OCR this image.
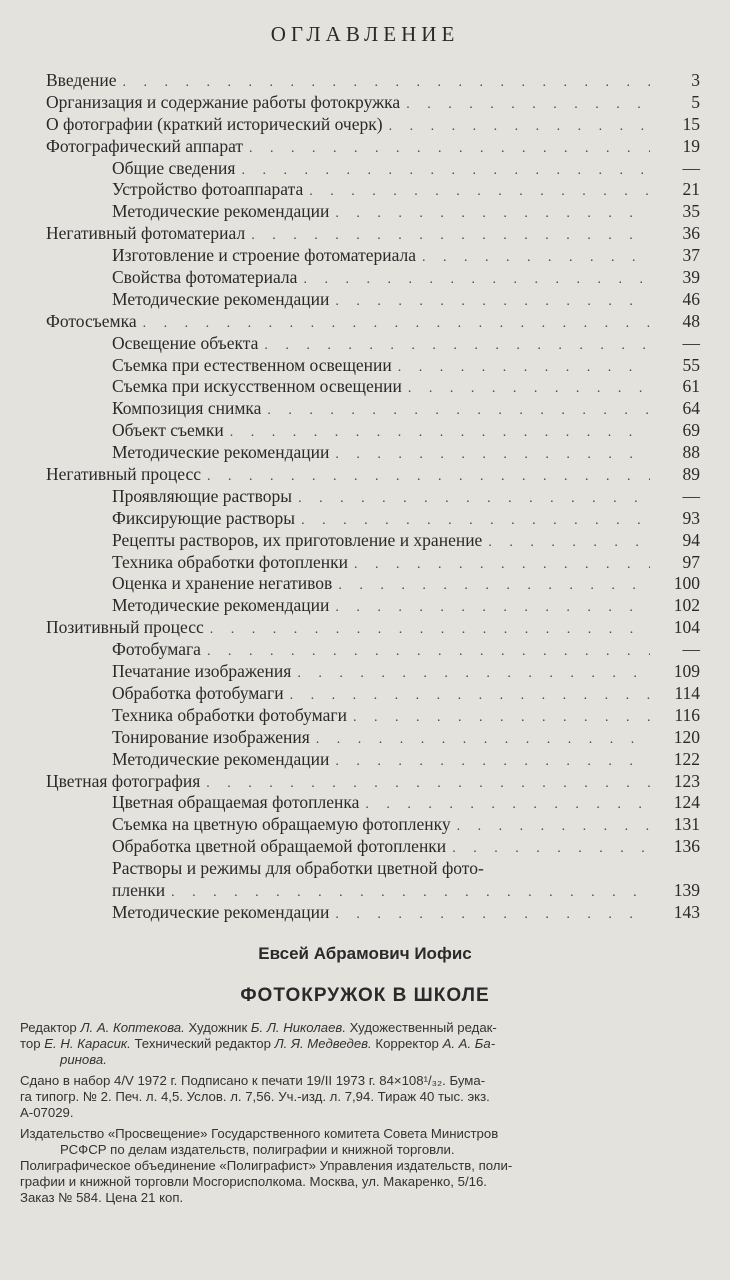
ОГЛАВЛЕНИЕ
Введение . . .	3
Организация и содержание работы фотокружка . . .	5
О фотографии (краткий исторический очерк) . . .	15
Фотографический аппарат . . .	19
Общие сведения . . .	—
Устройство фотоаппарата . . .	21
Методические рекомендации . . .	35
Негативный фотоматериал . . .	36
Изготовление и строение фотоматериала . . .	37
Свойства фотоматериала . . .	39
Методические рекомендации . . .	46
Фотосъемка . . .	48
Освещение объекта . . .	—
Съемка при естественном освещении . . .	55
Съемка при искусственном освещении . . .	61
Композиция снимка . . .	64
Объект съемки . . .	69
Методические рекомендации . . .	88
Негативный процесс . . .	89
Проявляющие растворы . . .	—
Фиксирующие растворы . . .	93
Рецепты растворов, их приготовление и хранение . . .	94
Техника обработки фотопленки . . .	97
Оценка и хранение негативов . . .	100
Методические рекомендации . . .	102
Позитивный процесс . . .	104
Фотобумага . . .	—
Печатание изображения . . .	109
Обработка фотобумаги . . .	114
Техника обработки фотобумаги . . .	116
Тонирование изображения . . .	120
Методические рекомендации . . .	122
Цветная фотография . . .	123
Цветная обращаемая фотопленка . . .	124
Съемка на цветную обращаемую фотопленку . . .	131
Обработка цветной обращаемой фотопленки . . .	136
Растворы и режимы для обработки цветной фото-
пленки . . .	139
Методические рекомендации . . .	143
Евсей Абрамович Иофис
ФОТОКРУЖОК В ШКОЛЕ
Редактор Л. А. Коптекова. Художник Б. Л. Николаев. Художественный редак-
тор Е. Н. Карасик. Технический редактор Л. Я. Медведев. Корректор А. А. Ба-
ринова.
Сдано в набор 4/V 1972 г. Подписано к печати 19/II 1973 г. 84×108¹/₃₂. Бума-
га типогр. № 2. Печ. л. 4,5. Услов. л. 7,56. Уч.-изд. л. 7,94. Тираж 40 тыс. экз.
А-07029.
Издательство «Просвещение» Государственного комитета Совета Министров
РСФСР по делам издательств, полиграфии и книжной торговли.
Полиграфическое объединение «Полиграфист» Управления издательств, поли-
графии и книжной торговли Мосгорисполкома. Москва, ул. Макаренко, 5/16.
Заказ № 584. Цена 21 коп.
